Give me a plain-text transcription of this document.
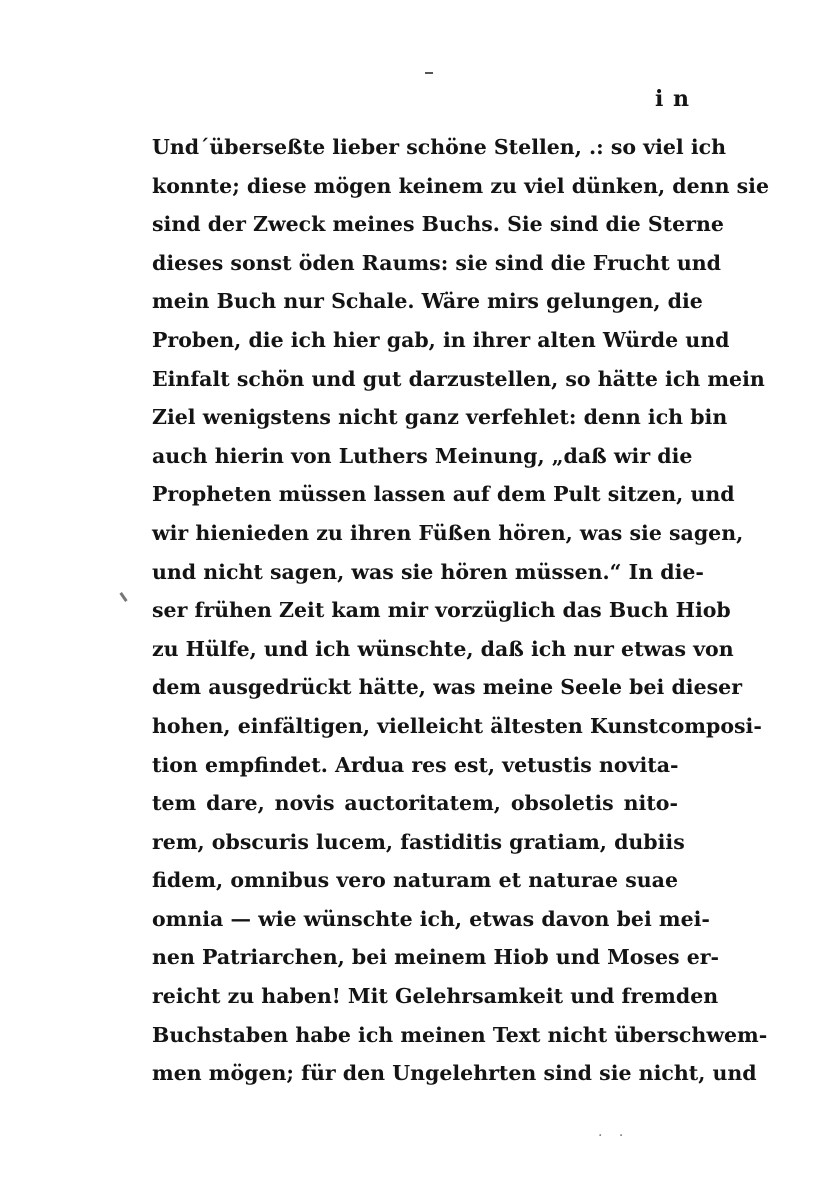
i n
Und´überseßte lieber schöne Stellen, .: so viel ich
konnte; diese mögen keinem zu viel dünken, denn sie
sind der Zweck meines Buchs. Sie sind die Sterne
dieses sonst öden Raums: sie sind die Frucht und
mein Buch nur Schale. Wäre mirs gelungen, die
Proben, die ich hier gab, in ihrer alten Würde und
Einfalt schön und gut darzustellen, so hätte ich mein
Ziel wenigstens nicht ganz verfehlet: denn ich bin
auch hierin von Luthers Meinung, „daß wir die
Propheten müssen lassen auf dem Pult sitzen, und
wir hienieden zu ihren Füßen hören, was sie sagen,
und nicht sagen, was sie hören müssen.“ In die-
ser frühen Zeit kam mir vorzüglich das Buch Hiob
zu Hülfe, und ich wünschte, daß ich nur etwas von
dem ausgedrückt hätte, was meine Seele bei dieser
hohen, einfältigen, vielleicht ältesten Kunstcomposi-
tion empfindet. Ardua res est, vetustis novita-
tem dare, novis auctoritatem, obsoletis nito-
rem, obscuris lucem, fastiditis gratiam, dubiis
fidem, omnibus vero naturam et naturae suae
omnia — wie wünschte ich, etwas davon bei mei-
nen Patriarchen, bei meinem Hiob und Moses er-
reicht zu haben! Mit Gelehrsamkeit und fremden
Buchstaben habe ich meinen Text nicht überschwem-
men mögen; für den Ungelehrten sind sie nicht, und
· ·
